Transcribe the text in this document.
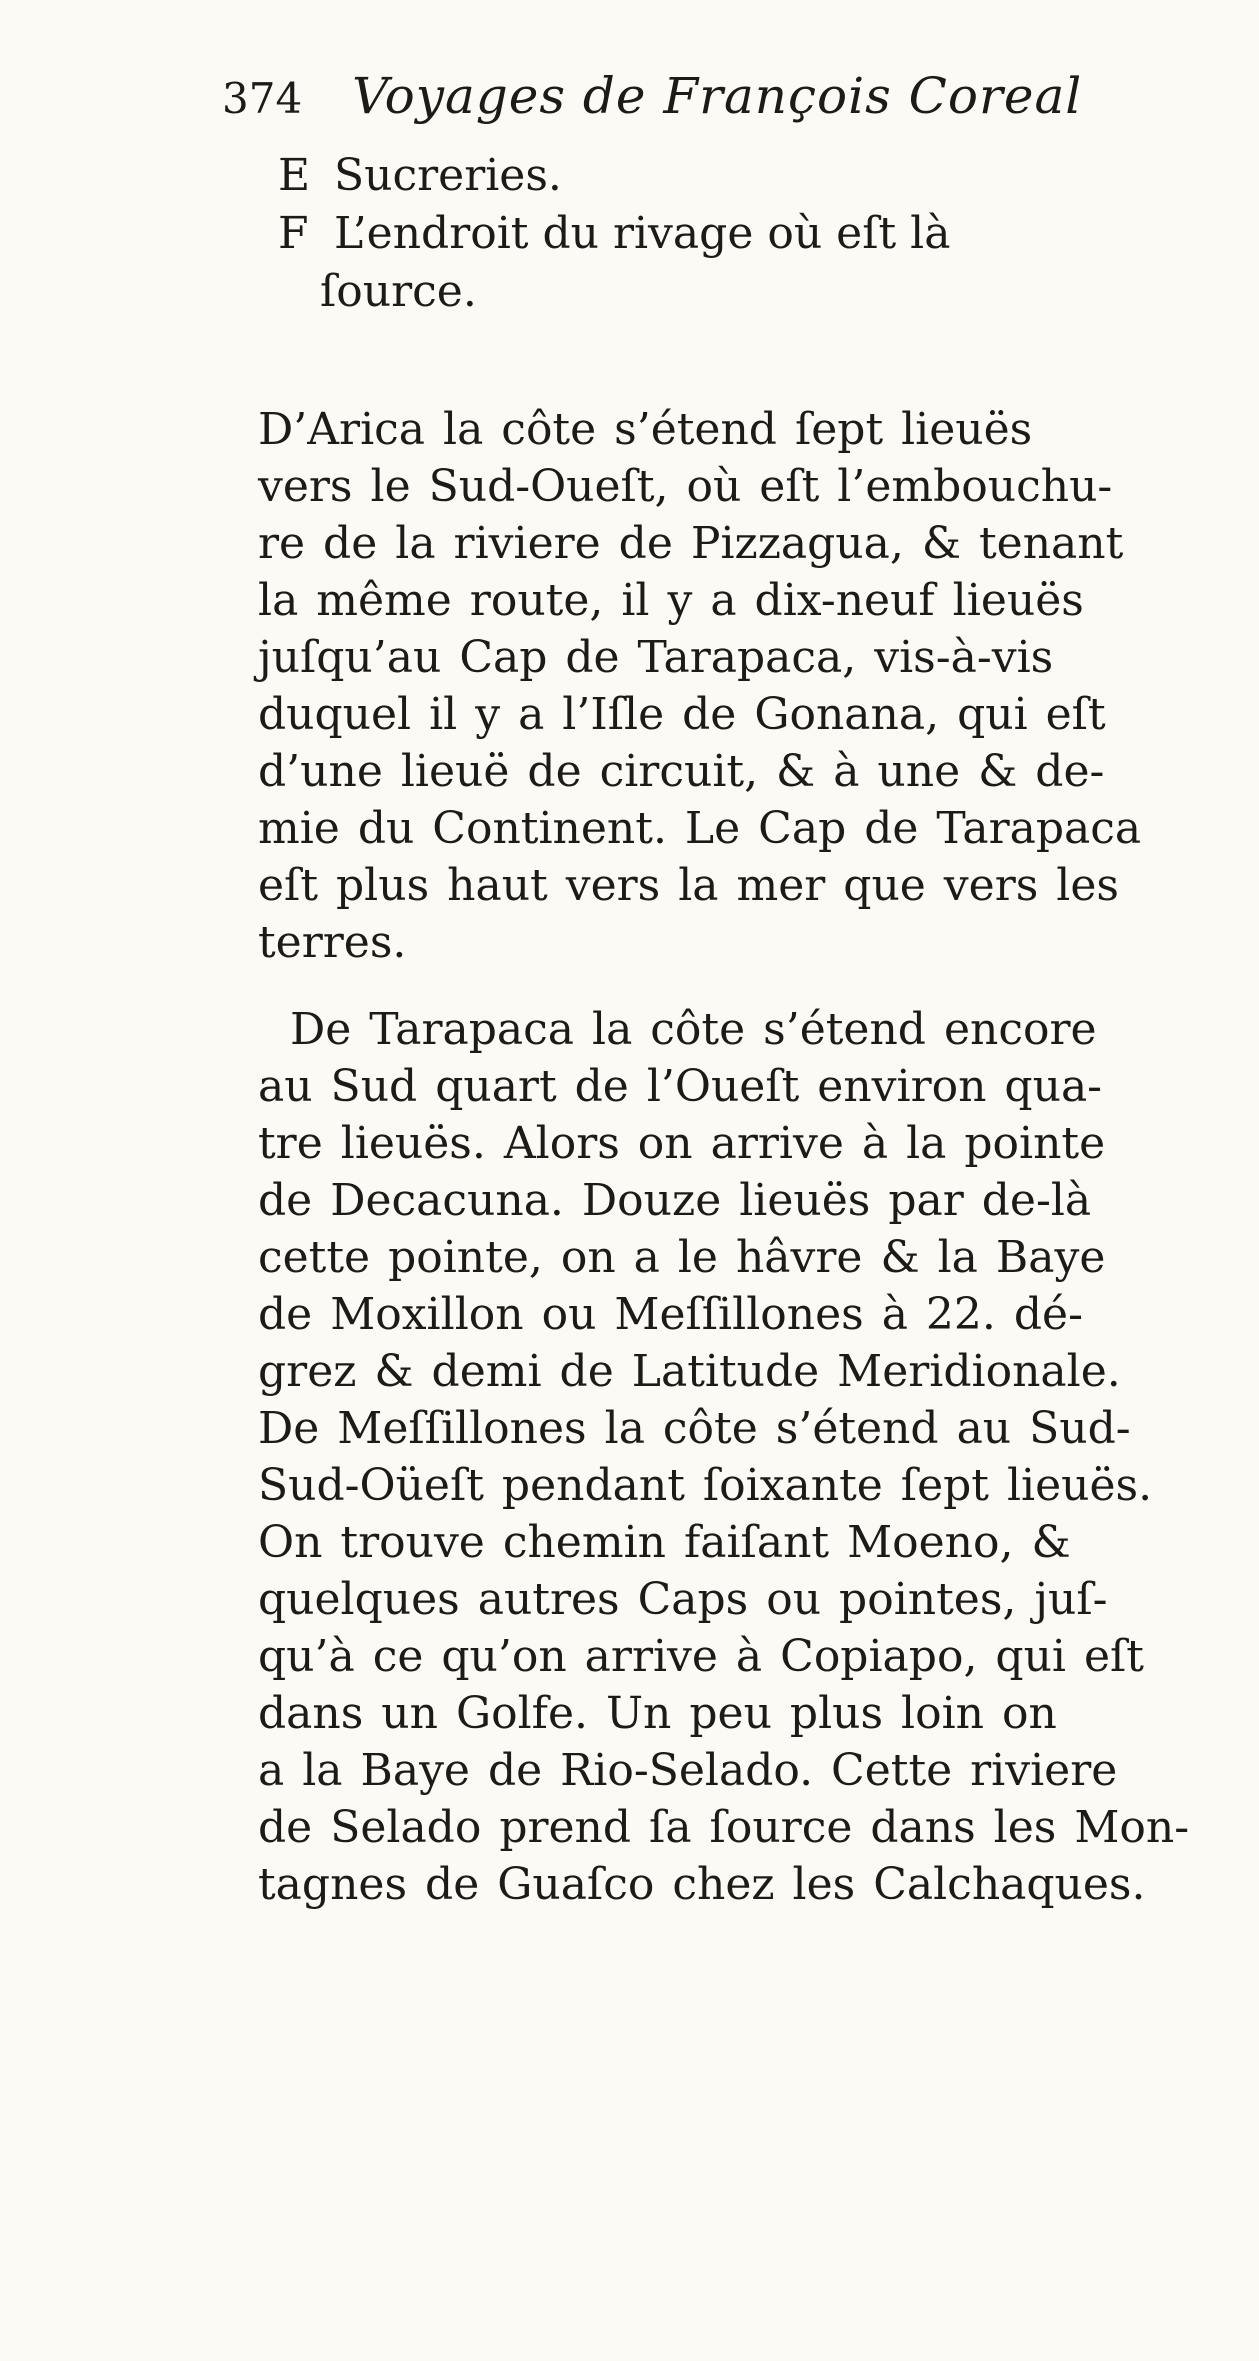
374 Voyages de François Coreal
E Sucreries.
F L’endroit du rivage où eſt là
ſource.
D’Arica la côte s’étend ſept lieuës
vers le Sud-Oueſt, où eſt l’embouchu-
re de la riviere de Pizzagua, & tenant
la même route, il y a dix-neuf lieuës
juſqu’au Cap de Tarapaca, vis-à-vis
duquel il y a l’Iſle de Gonana, qui eſt
d’une lieuë de circuit, & à une & de-
mie du Continent. Le Cap de Tarapaca
eſt plus haut vers la mer que vers les
terres.
De Tarapaca la côte s’étend encore
au Sud quart de l’Oueſt environ qua-
tre lieuës. Alors on arrive à la pointe
de Decacuna. Douze lieuës par de-là
cette pointe, on a le hâvre & la Baye
de Moxillon ou Meſſillones à 22. dé-
grez & demi de Latitude Meridionale.
De Meſſillones la côte s’étend au Sud-
Sud-Oüeſt pendant ſoixante ſept lieuës.
On trouve chemin faiſant Moeno, &
quelques autres Caps ou pointes, juſ-
qu’à ce qu’on arrive à Copiapo, qui eſt
dans un Golfe. Un peu plus loin on
a la Baye de Rio-Selado. Cette riviere
de Selado prend ſa ſource dans les Mon-
tagnes de Guaſco chez les Calchaques.
